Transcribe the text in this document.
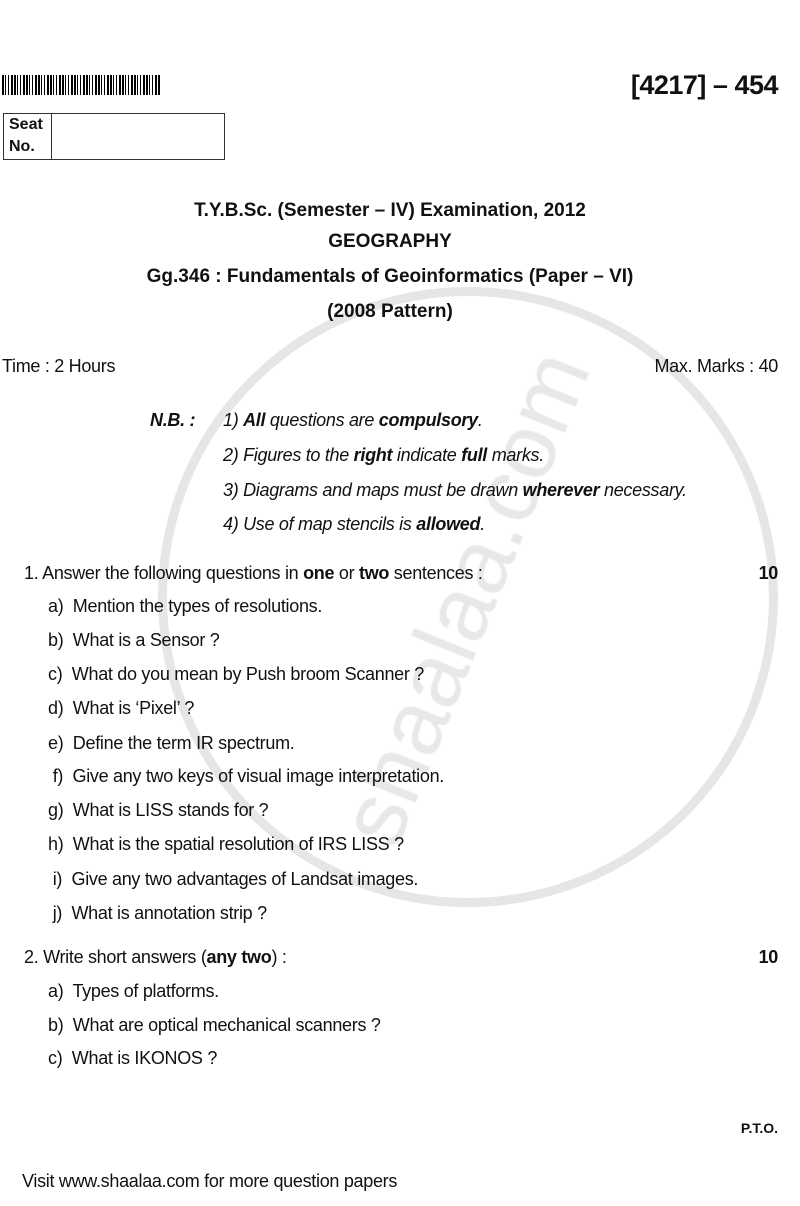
[4217] – 454
Seat
No.
T.Y.B.Sc. (Semester – IV) Examination, 2012
GEOGRAPHY
Gg.346 : Fundamentals of Geoinformatics (Paper – VI)
(2008 Pattern)
Time : 2 Hours	Max. Marks : 40
N.B. : 1) All questions are compulsory.
2) Figures to the right indicate full marks.
3) Diagrams and maps must be drawn wherever necessary.
4) Use of map stencils is allowed.
1. Answer the following questions in one or two sentences :	10
a)  Mention the types of resolutions.
b)  What is a Sensor ?
c)  What do you mean by Push broom Scanner ?
d)  What is ‘Pixel’ ?
e)  Define the term IR spectrum.
f)  Give any two keys of visual image interpretation.
g)  What is LISS stands for ?
h)  What is the spatial resolution of IRS LISS ?
i)  Give any two advantages of Landsat images.
j)  What is annotation strip ?
2. Write short answers (any two) :	10
a)  Types of platforms.
b)  What are optical mechanical scanners ?
c)  What is IKONOS ?
P.T.O.
Visit www.shaalaa.com for more question papers
